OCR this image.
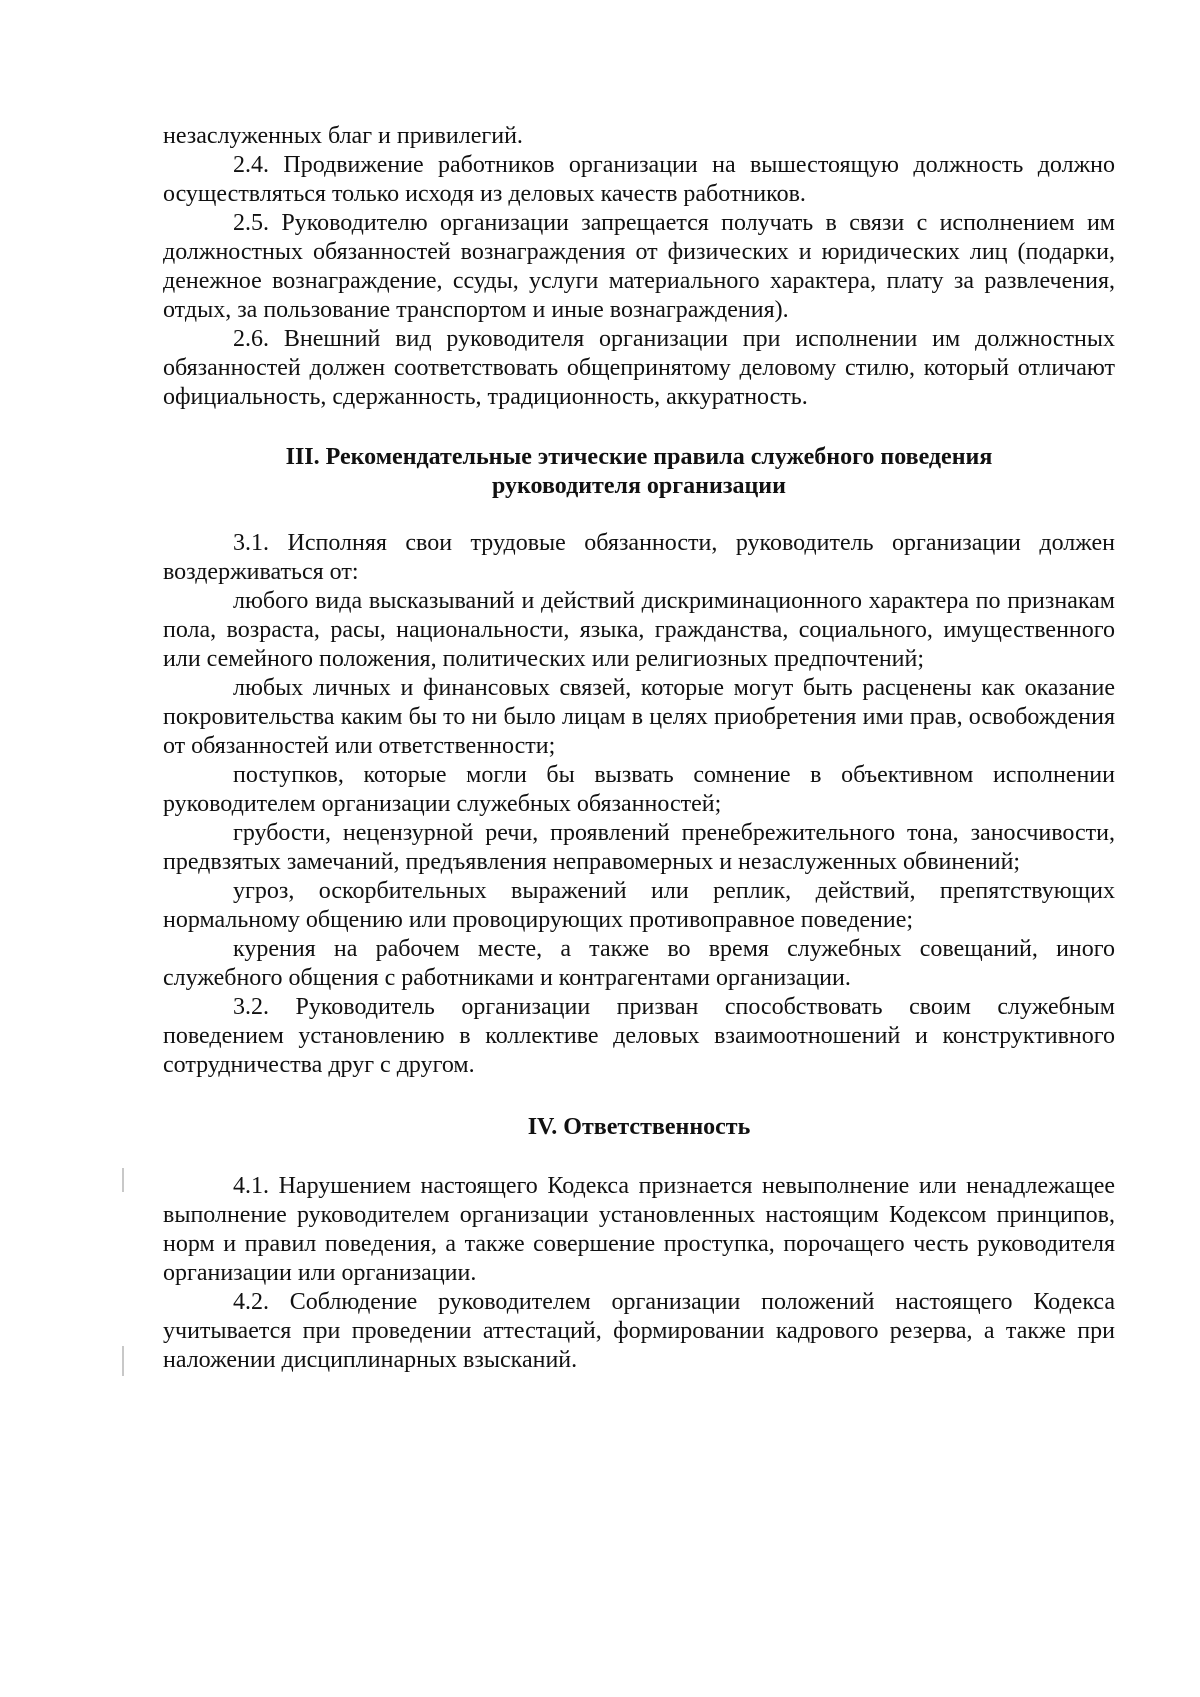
незаслуженных благ и привилегий.

2.4. Продвижение работников организации на вышестоящую должность должно осуществляться только исходя из деловых качеств работников.

2.5. Руководителю организации запрещается получать в связи с исполнением им должностных обязанностей вознаграждения от физических и юридических лиц (подарки, денежное вознаграждение, ссуды, услуги материального характера, плату за развлечения, отдых, за пользование транспортом и иные вознаграждения).

2.6. Внешний вид руководителя организации при исполнении им должностных обязанностей должен соответствовать общепринятому деловому стилю, который отличают официальность, сдержанность, традиционность, аккуратность.

III. Рекомендательные этические правила служебного поведения
руководителя организации

3.1. Исполняя свои трудовые обязанности, руководитель организации должен воздерживаться от:

любого вида высказываний и действий дискриминационного характера по признакам пола, возраста, расы, национальности, языка, гражданства, социального, имущественного или семейного положения, политических или религиозных предпочтений;

любых личных и финансовых связей, которые могут быть расценены как оказание покровительства каким бы то ни было лицам в целях приобретения ими прав, освобождения от обязанностей или ответственности;

поступков, которые могли бы вызвать сомнение в объективном исполнении руководителем организации служебных обязанностей;

грубости, нецензурной речи, проявлений пренебрежительного тона, заносчивости, предвзятых замечаний, предъявления неправомерных и незаслуженных обвинений;

угроз, оскорбительных выражений или реплик, действий, препятствующих нормальному общению или провоцирующих противоправное поведение;

курения на рабочем месте, а также во время служебных совещаний, иного служебного общения с работниками и контрагентами организации.

3.2. Руководитель организации призван способствовать своим служебным поведением установлению в коллективе деловых взаимоотношений и конструктивного сотрудничества друг с другом.

IV. Ответственность

4.1. Нарушением настоящего Кодекса признается невыполнение или ненадлежащее выполнение руководителем организации установленных настоящим Кодексом принципов, норм и правил поведения, а также совершение проступка, порочащего честь руководителя организации или организации.

4.2. Соблюдение руководителем организации положений настоящего Кодекса учитывается при проведении аттестаций, формировании кадрового резерва, а также при наложении дисциплинарных взысканий.
